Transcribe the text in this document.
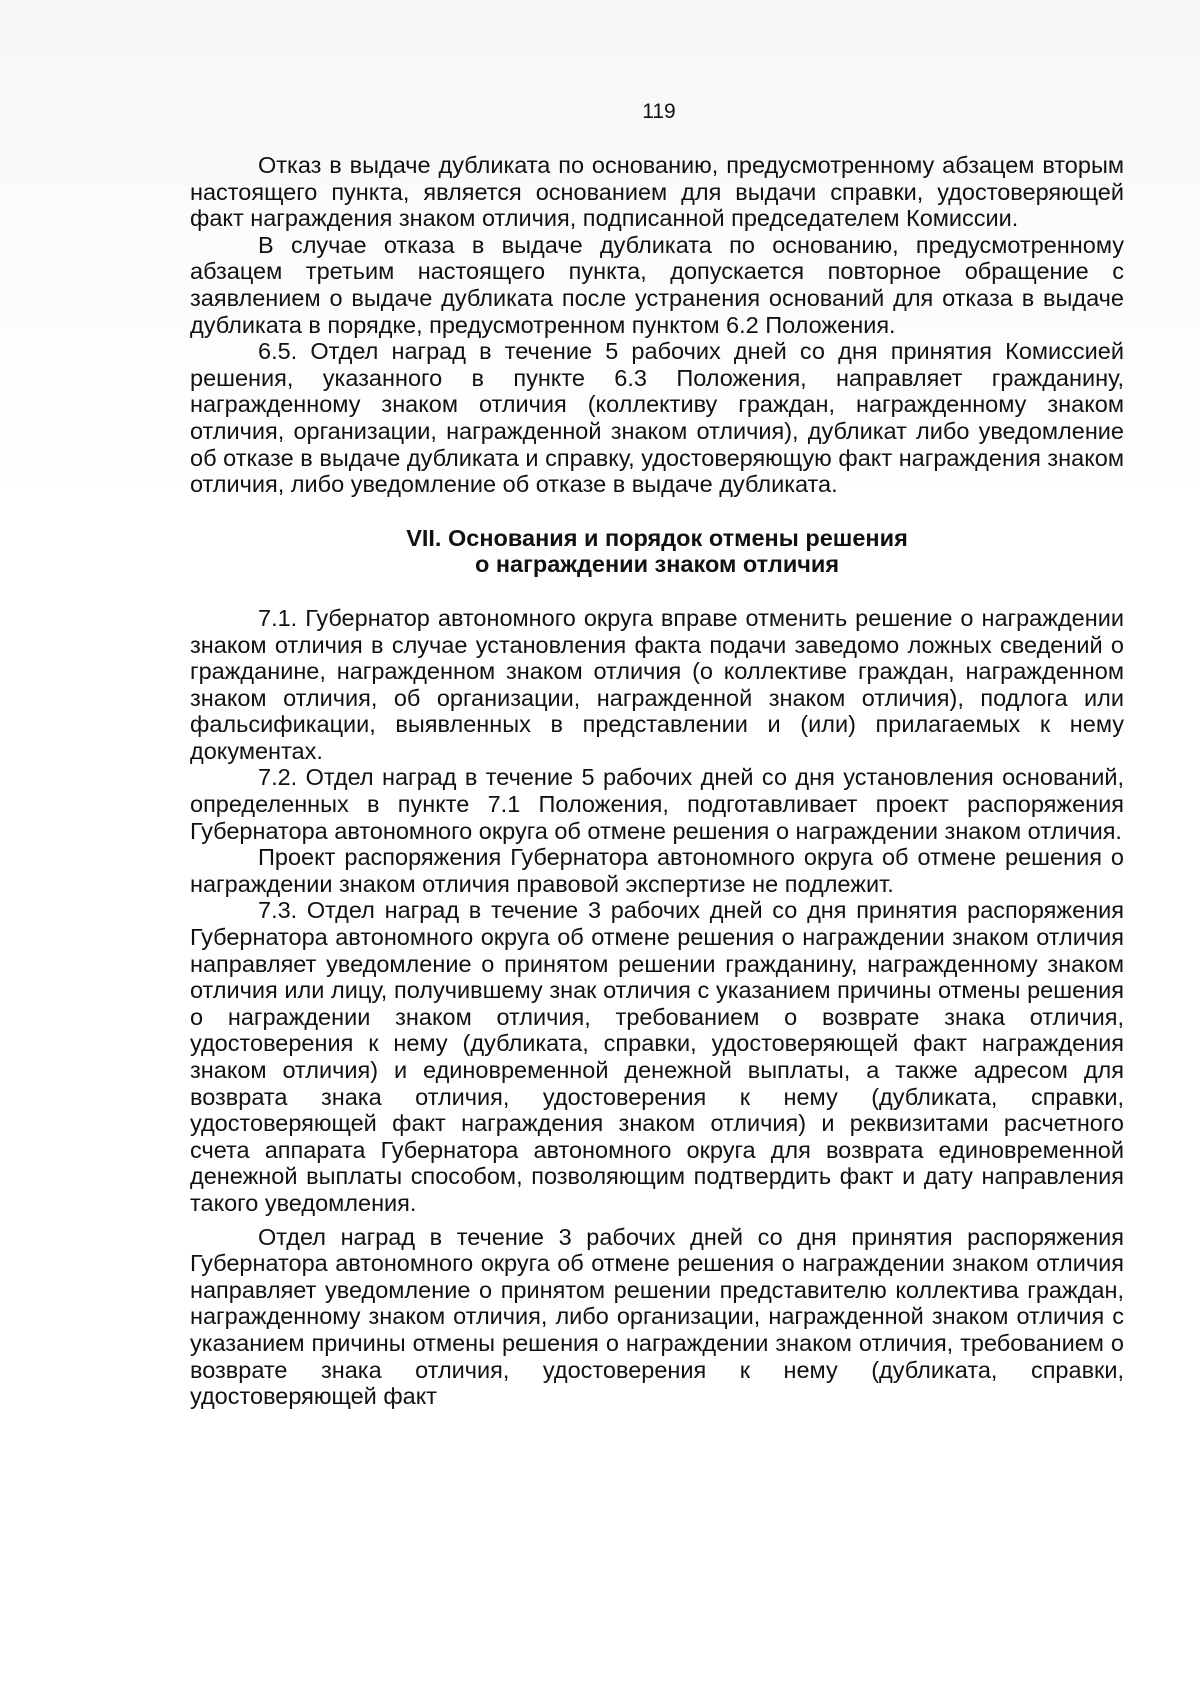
119

Отказ в выдаче дубликата по основанию, предусмотренному абзацем вторым настоящего пункта, является основанием для выдачи справки, удостоверяющей факт награждения знаком отличия, подписанной председателем Комиссии.

В случае отказа в выдаче дубликата по основанию, предусмотренному абзацем третьим настоящего пункта, допускается повторное обращение с заявлением о выдаче дубликата после устранения оснований для отказа в выдаче дубликата в порядке, предусмотренном пунктом 6.2 Положения.

6.5. Отдел наград в течение 5 рабочих дней со дня принятия Комиссией решения, указанного в пункте 6.3 Положения, направляет гражданину, награжденному знаком отличия (коллективу граждан, награжденному знаком отличия, организации, награжденной знаком отличия), дубликат либо уведомление об отказе в выдаче дубликата и справку, удостоверяющую факт награждения знаком отличия, либо уведомление об отказе в выдаче дубликата.

VII. Основания и порядок отмены решения
о награждении знаком отличия

7.1. Губернатор автономного округа вправе отменить решение о награждении знаком отличия в случае установления факта подачи заведомо ложных сведений о гражданине, награжденном знаком отличия (о коллективе граждан, награжденном знаком отличия, об организации, награжденной знаком отличия), подлога или фальсификации, выявленных в представлении и (или) прилагаемых к нему документах.

7.2. Отдел наград в течение 5 рабочих дней со дня установления оснований, определенных в пункте 7.1 Положения, подготавливает проект распоряжения Губернатора автономного округа об отмене решения о награждении знаком отличия.

Проект распоряжения Губернатора автономного округа об отмене решения о награждении знаком отличия правовой экспертизе не подлежит.

7.3. Отдел наград в течение 3 рабочих дней со дня принятия распоряжения Губернатора автономного округа об отмене решения о награждении знаком отличия направляет уведомление о принятом решении гражданину, награжденному знаком отличия или лицу, получившему знак отличия с указанием причины отмены решения о награждении знаком отличия, требованием о возврате знака отличия, удостоверения к нему (дубликата, справки, удостоверяющей факт награждения знаком отличия) и единовременной денежной выплаты, а также адресом для возврата знака отличия, удостоверения к нему (дубликата, справки, удостоверяющей факт награждения знаком отличия) и реквизитами расчетного счета аппарата Губернатора автономного округа для возврата единовременной денежной выплаты способом, позволяющим подтвердить факт и дату направления такого уведомления.

Отдел наград в течение 3 рабочих дней со дня принятия распоряжения Губернатора автономного округа об отмене решения о награждении знаком отличия направляет уведомление о принятом решении представителю коллектива граждан, награжденному знаком отличия, либо организации, награжденной знаком отличия с указанием причины отмены решения о награждении знаком отличия, требованием о возврате знака отличия, удостоверения к нему (дубликата, справки, удостоверяющей факт
